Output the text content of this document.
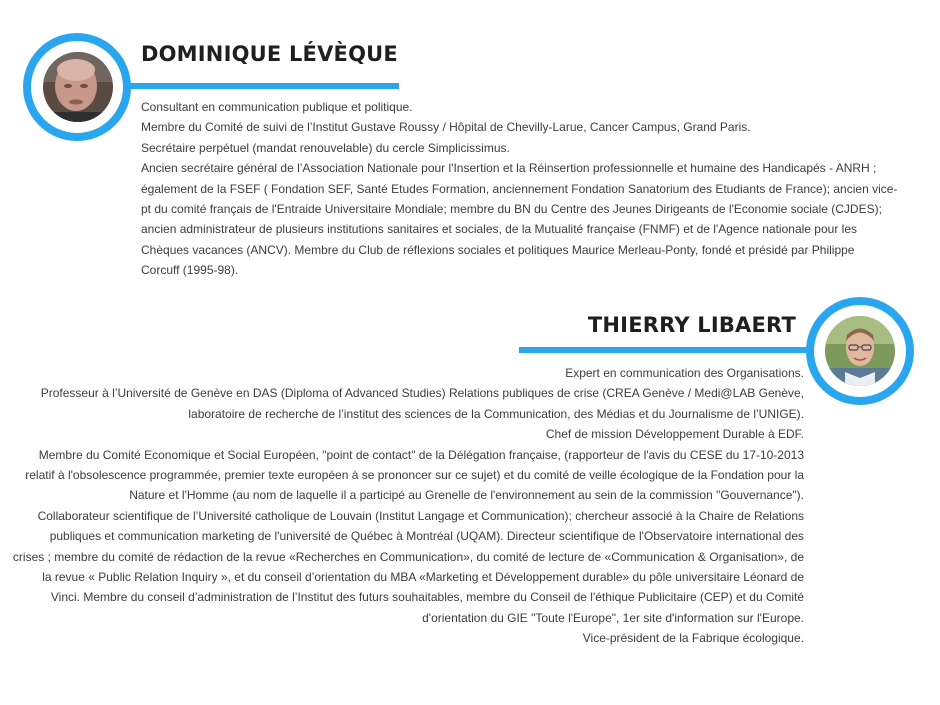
DOMINIQUE LÉVÈQUE

Consultant en communication publique et politique.

Membre du Comité de suivi de l’Institut Gustave Roussy / Hôpital de Chevilly-Larue, Cancer Campus, Grand Paris.

Secrétaire perpétuel (mandat renouvelable) du cercle Simplicissimus.

Ancien secrétaire général de l’Association Nationale pour l'Insertion et la Réinsertion professionnelle et humaine des Handicapés - ANRH ;

également de la FSEF ( Fondation SEF, Santé Etudes Formation, anciennement Fondation Sanatorium des Etudiants de France); ancien vice-

pt du comité français de l'Entraide Universitaire Mondiale; membre du BN du Centre des Jeunes Dirigeants de l'Economie sociale (CJDES);

ancien administrateur de plusieurs institutions sanitaires et sociales, de la Mutualité française (FNMF) et de l'Agence nationale pour les

Chèques vacances (ANCV). Membre du Club de réflexions sociales et politiques Maurice Merleau-Ponty, fondé et présidé par Philippe

Corcuff (1995-98).

THIERRY LIBAERT

Expert en communication des Organisations.

Professeur à l’Université de Genève en DAS (Diploma of Advanced Studies) Relations publiques de crise (CREA Genève / Medi@LAB Genève,

laboratoire de recherche de l’institut des sciences de la Communication, des Médias et du Journalisme de l’UNIGE).

Chef de mission Développement Durable à EDF.

Membre du Comité Economique et Social Européen, "point de contact" de la Délégation française, (rapporteur de l'avis du CESE du 17-10-2013

relatif à l'obsolescence programmée, premier texte européen à se prononcer sur ce sujet) et du comité de veille écologique de la Fondation pour la

Nature et l'Homme (au nom de laquelle il a participé au Grenelle de l'environnement au sein de la commission "Gouvernance").

Collaborateur scientifique de l’Université catholique de Louvain (Institut Langage et Communication); chercheur associé à la Chaire de Relations

publiques et communication marketing de l'université de Québec à Montréal (UQAM). Directeur scientifique de l'Observatoire international des

crises ; membre du comité de rédaction de la revue «Recherches en Communication», du comité de lecture de «Communication & Organisation», de

la revue « Public Relation Inquiry », et du conseil d’orientation du MBA «Marketing et Développement durable» du pôle universitaire Léonard de

Vinci. Membre du conseil d’administration de l’Institut des futurs souhaitables, membre du Conseil de l'éthique Publicitaire (CEP) et du Comité

d'orientation du GIE "Toute l'Europe", 1er site d'information sur l'Europe.

Vice-président de la Fabrique écologique.
